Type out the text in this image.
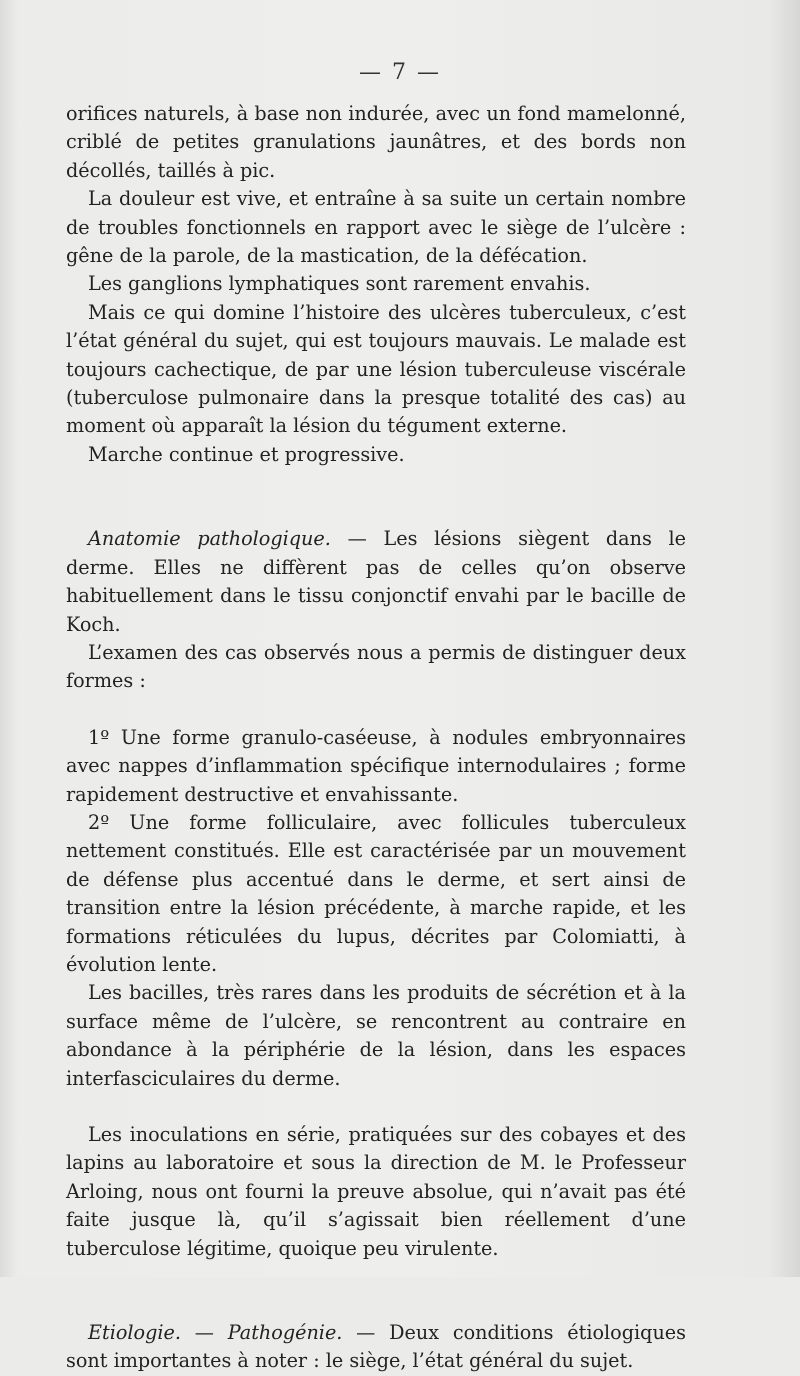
— 7 —

orifices naturels, à base non indurée, avec un fond mamelonné, criblé de petites granulations jaunâtres, et des bords non décollés, taillés à pic.

La douleur est vive, et entraîne à sa suite un certain nombre de troubles fonctionnels en rapport avec le siège de l’ulcère : gêne de la parole, de la mastication, de la défécation.

Les ganglions lymphatiques sont rarement envahis.

Mais ce qui domine l’histoire des ulcères tuberculeux, c’est l’état général du sujet, qui est toujours mauvais. Le malade est toujours cachectique, de par une lésion tuberculeuse viscérale (tuberculose pulmonaire dans la presque totalité des cas) au moment où apparaît la lésion du tégument externe.

Marche continue et progressive.

Anatomie pathologique. — Les lésions siègent dans le derme. Elles ne diffèrent pas de celles qu’on observe habituellement dans le tissu conjonctif envahi par le bacille de Koch.

L’examen des cas observés nous a permis de distinguer deux formes :

1º Une forme granulo-caséeuse, à nodules embryonnaires avec nappes d’inflammation spécifique internodulaires ; forme rapidement destructive et envahissante.

2º Une forme folliculaire, avec follicules tuberculeux nettement constitués. Elle est caractérisée par un mouvement de défense plus accentué dans le derme, et sert ainsi de transition entre la lésion précédente, à marche rapide, et les formations réticulées du lupus, décrites par Colomiatti, à évolution lente.

Les bacilles, très rares dans les produits de sécrétion et à la surface même de l’ulcère, se rencontrent au contraire en abondance à la périphérie de la lésion, dans les espaces interfasciculaires du derme.

Les inoculations en série, pratiquées sur des cobayes et des lapins au laboratoire et sous la direction de M. le Professeur Arloing, nous ont fourni la preuve absolue, qui n’avait pas été faite jusque là, qu’il s’agissait bien réellement d’une tuberculose légitime, quoique peu virulente.

Etiologie. — Pathogénie. — Deux conditions étiologiques sont importantes à noter : le siège, l’état général du sujet.
